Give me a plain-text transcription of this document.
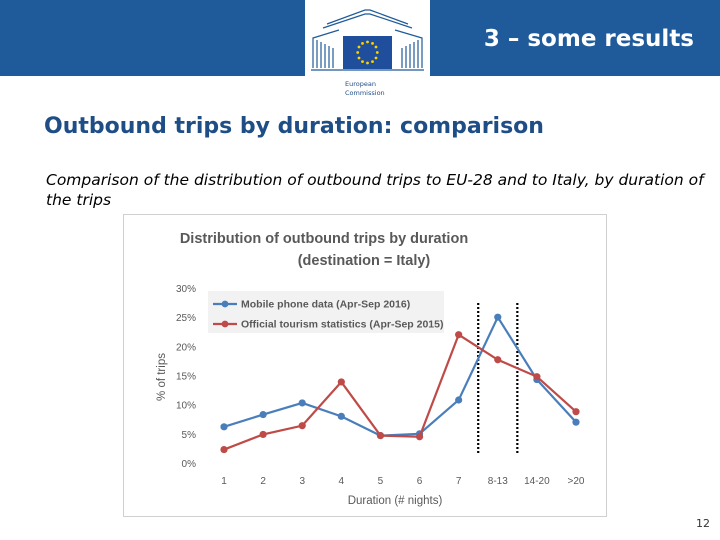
European
Commission
3 – some results
Outbound trips by duration: comparison
Comparison of the distribution of outbound trips to EU-28 and to Italy, by duration of the trips
Distribution of outbound trips by duration
(destination = Italy)
0%
5%
10%
15%
20%
25%
30%
1	2	3	4	5	6	7	8-13 14-20 >20
Mobile phone data (Apr-Sep 2016)
Official tourism statistics (Apr-Sep 2015)
% of trips
Duration (# nights)
12
